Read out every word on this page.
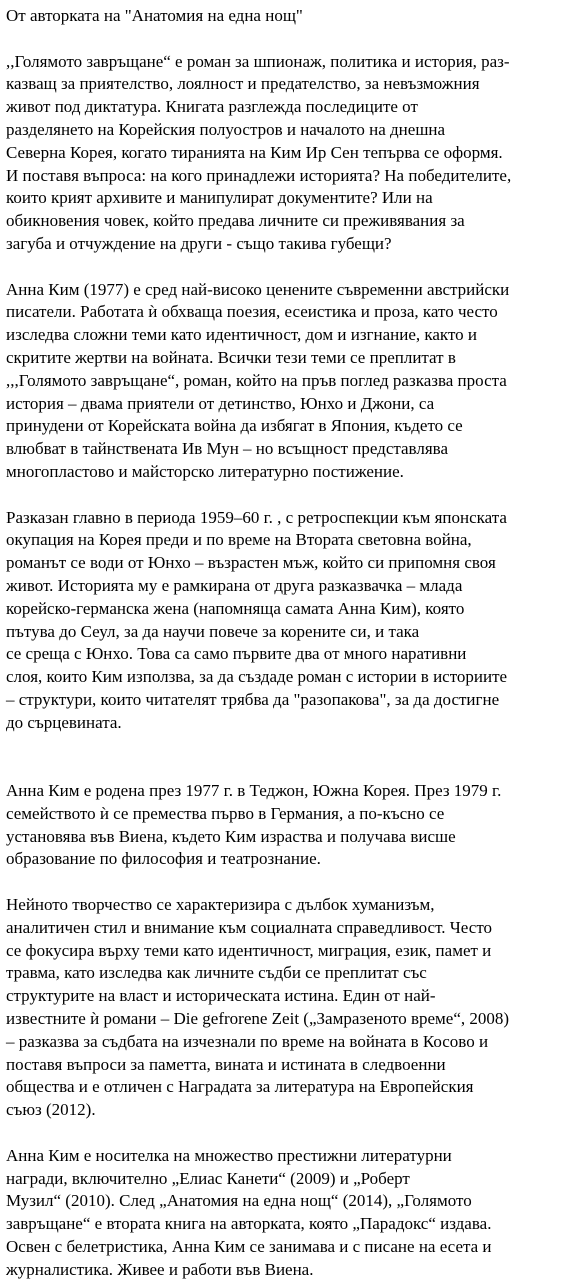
От авторката на "Анатомия на една нощ"
,,Голямото завръщане“ е роман за шпионаж, политика и история, раз-
казващ за приятелство, лоялност и предателство, за невъзможния
живот под диктатура. Книгата разглежда последиците от
разделянето на Корейския полуостров и началото на днешна
Северна Корея, когато тиранията на Ким Ир Сен тепърва се оформя.
И поставя въпроса: на кого принадлежи историята? На победителите,
които крият архивите и манипулират документите? Или на
обикновения човек, който предава личните си преживявания за
загуба и отчуждение на други - също такива губещи?
Анна Ким (1977) е сред най-високо ценените съвременни австрийски
писатели. Работата ѝ обхваща поезия, есеистика и проза, като често
изследва сложни теми като идентичност, дом и изгнание, както и
скритите жертви на войната. Всички тези теми се преплитат в
,,,Голямото завръщане“, роман, който на пръв поглед разказва проста
история – двама приятели от детинство, Юнхо и Джони, са
принудени от Корейската война да избягат в Япония, където се
влюбват в тайнствената Ив Мун – но всъщност представлява
многопластово и майсторско литературно постижение.
Разказан главно в периода 1959–60 г. , с ретроспекции към японската
окупация на Корея преди и по време на Втората световна война,
романът се води от Юнхо – възрастен мъж, който си припомня своя
живот. Историята му е рамкирана от друга разказвачка – млада
корейско-германска жена (напомняща самата Анна Ким), която
пътува до Сеул, за да научи повече за корените си, и така
се среща с Юнхо. Това са само първите два от много наративни
слоя, които Ким използва, за да създаде роман с истории в историите
– структури, които читателят трябва да "разопакова", за да достигне
до сърцевината.
Анна Ким е родена през 1977 г. в Теджон, Южна Корея. През 1979 г.
семейството ѝ се премества първо в Германия, а по-късно се
установява във Виена, където Ким израства и получава висше
образование по философия и театрознание.
Нейното творчество се характеризира с дълбок хуманизъм,
аналитичен стил и внимание към социалната справедливост. Често
се фокусира върху теми като идентичност, миграция, език, памет и
травма, като изследва как личните съдби се преплитат със
структурите на власт и историческата истина. Един от най-
известните ѝ романи – Die gefrorene Zeit („Замразеното време“, 2008)
– разказва за съдбата на изчезнали по време на войната в Косово и
поставя въпроси за паметта, вината и истината в следвоенни
общества и е отличен с Наградата за литература на Европейския
съюз (2012).
Анна Ким е носителка на множество престижни литературни
награди, включително „Елиас Канети“ (2009) и „Роберт
Музил“ (2010). След „Анатомия на една нощ“ (2014), „Голямото
завръщане“ е втората книга на авторката, която „Парадокс“ издава.
Освен с белетристика, Анна Ким се занимава и с писане на есета и
журналистика. Живее и работи във Виена.
